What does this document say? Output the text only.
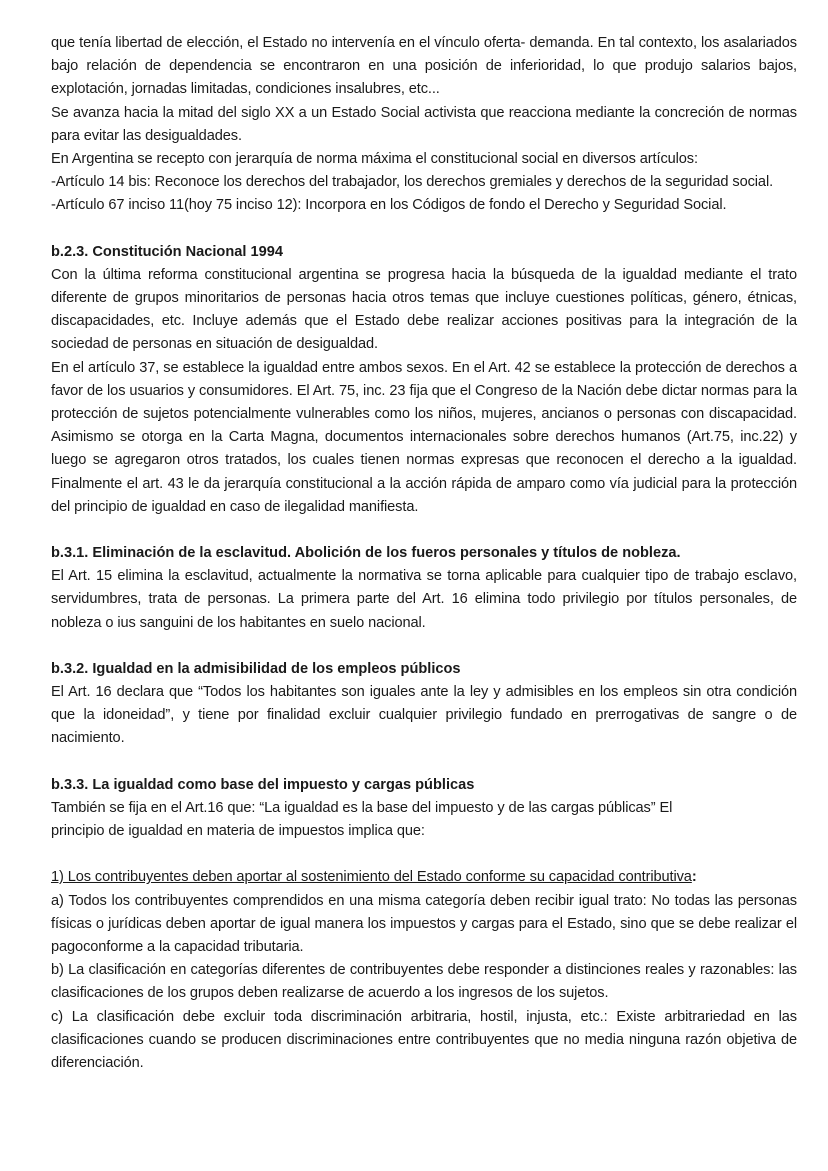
que tenía libertad de elección, el Estado no intervenía en el vínculo oferta- demanda. En tal contexto, los asalariados bajo relación de dependencia se encontraron en una posición de inferioridad, lo que produjo salarios bajos, explotación, jornadas limitadas, condiciones insalubres, etc...

Se avanza hacia la mitad del siglo XX a un Estado Social activista que reacciona mediante la concreción de normas para evitar las desigualdades.

En Argentina se recepto con jerarquía de norma máxima el constitucional social en diversos artículos:

-Artículo 14 bis: Reconoce los derechos del trabajador, los derechos gremiales y derechos de la seguridad social.

-Artículo 67 inciso 11(hoy 75 inciso 12): Incorpora en los Códigos de fondo el Derecho y Seguridad Social.

b.2.3. Constitución Nacional 1994

Con la última reforma constitucional argentina se progresa hacia la búsqueda de la igualdad mediante el trato diferente de grupos minoritarios de personas hacia otros temas que incluye cuestiones políticas, género, étnicas, discapacidades, etc. Incluye además que el Estado debe realizar acciones positivas para la integración de la sociedad de personas en situación de desigualdad.

En el artículo 37, se establece la igualdad entre ambos sexos. En el Art. 42 se establece la protección de derechos a favor de los usuarios y consumidores. El Art. 75, inc. 23 fija que el Congreso de la Nación debe dictar normas para la protección de sujetos potencialmente vulnerables como los niños, mujeres, ancianos o personas con discapacidad. Asimismo se otorga en la Carta Magna, documentos internacionales sobre derechos humanos (Art.75, inc.22) y luego se agregaron otros tratados, los cuales tienen normas expresas que reconocen el derecho a la igualdad. Finalmente el art. 43 le da jerarquía constitucional a la acción rápida de amparo como vía judicial para la protección del principio de igualdad en caso de ilegalidad manifiesta.

b.3.1. Eliminación de la esclavitud. Abolición de los fueros personales y títulos de nobleza.

El Art. 15 elimina la esclavitud, actualmente la normativa se torna aplicable para cualquier tipo de trabajo esclavo, servidumbres, trata de personas. La primera parte del Art. 16 elimina todo privilegio por títulos personales, de nobleza o ius sanguini de los habitantes en suelo nacional.

b.3.2. Igualdad en la admisibilidad de los empleos públicos

El Art. 16 declara que “Todos los habitantes son iguales ante la ley y admisibles en los empleos sin otra condición que la idoneidad”, y tiene por finalidad excluir cualquier privilegio fundado en prerrogativas de sangre o de nacimiento.

b.3.3. La igualdad como base del impuesto y cargas públicas

También se fija en el Art.16 que: “La igualdad es la base del impuesto y de las cargas públicas” El

principio de igualdad en materia de impuestos implica que:

1) Los contribuyentes deben aportar al sostenimiento del Estado conforme su capacidad contributiva:

a) Todos los contribuyentes comprendidos en una misma categoría deben recibir igual trato: No todas las personas físicas o jurídicas deben aportar de igual manera los impuestos y cargas para el Estado, sino que se debe realizar el pagoconforme a la capacidad tributaria.

b) La clasificación en categorías diferentes de contribuyentes debe responder a distinciones reales y razonables: las clasificaciones de los grupos deben realizarse de acuerdo a los ingresos de los sujetos.

c) La clasificación debe excluir toda discriminación arbitraria, hostil, injusta, etc.: Existe arbitrariedad en las clasificaciones cuando se producen discriminaciones entre contribuyentes que no media ninguna razón objetiva de diferenciación.
